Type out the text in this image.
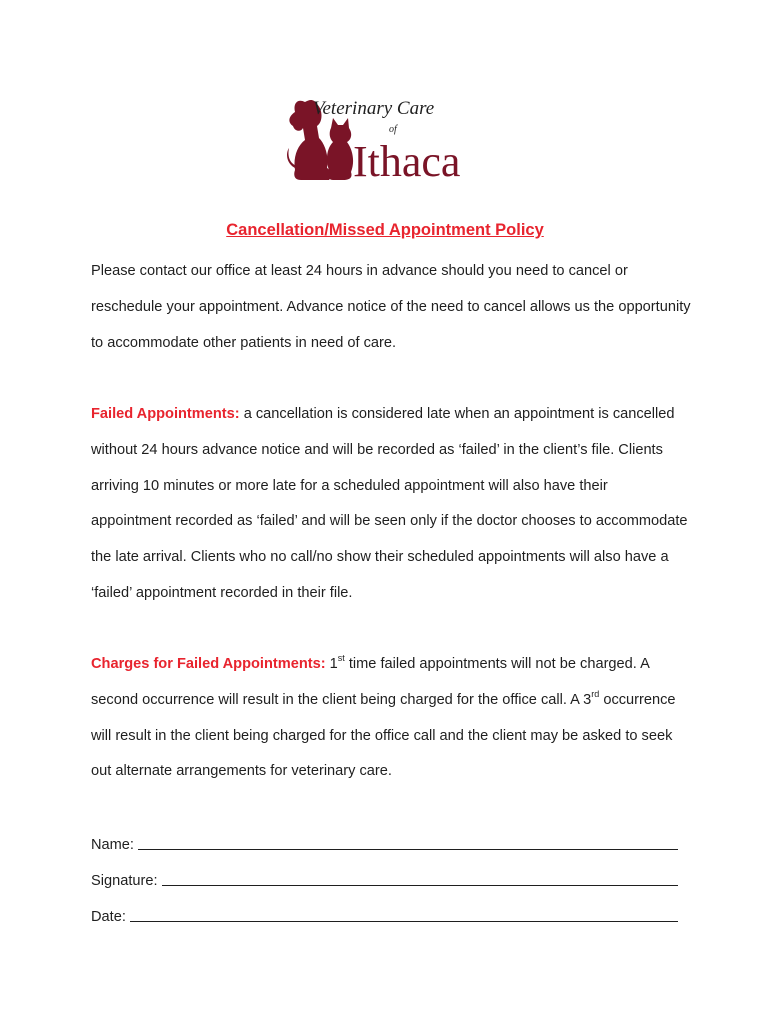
Veterinary Care
of
Ithaca
Cancellation/Missed Appointment Policy

Please contact our office at least 24 hours in advance should you need to cancel or reschedule your appointment. Advance notice of the need to cancel allows us the opportunity to accommodate other patients in need of care.

Failed Appointments: a cancellation is considered late when an appointment is cancelled without 24 hours advance notice and will be recorded as ‘failed’ in the client’s file. Clients arriving 10 minutes or more late for a scheduled appointment will also have their appointment recorded as ‘failed’ and will be seen only if the doctor chooses to accommodate the late arrival. Clients who no call/no show their scheduled appointments will also have a ‘failed’ appointment recorded in their file.

Charges for Failed Appointments: 1st time failed appointments will not be charged. A second occurrence will result in the client being charged for the office call. A 3rd occurrence will result in the client being charged for the office call and the client may be asked to seek out alternate arrangements for veterinary care.

Name:
Signature:
Date:
